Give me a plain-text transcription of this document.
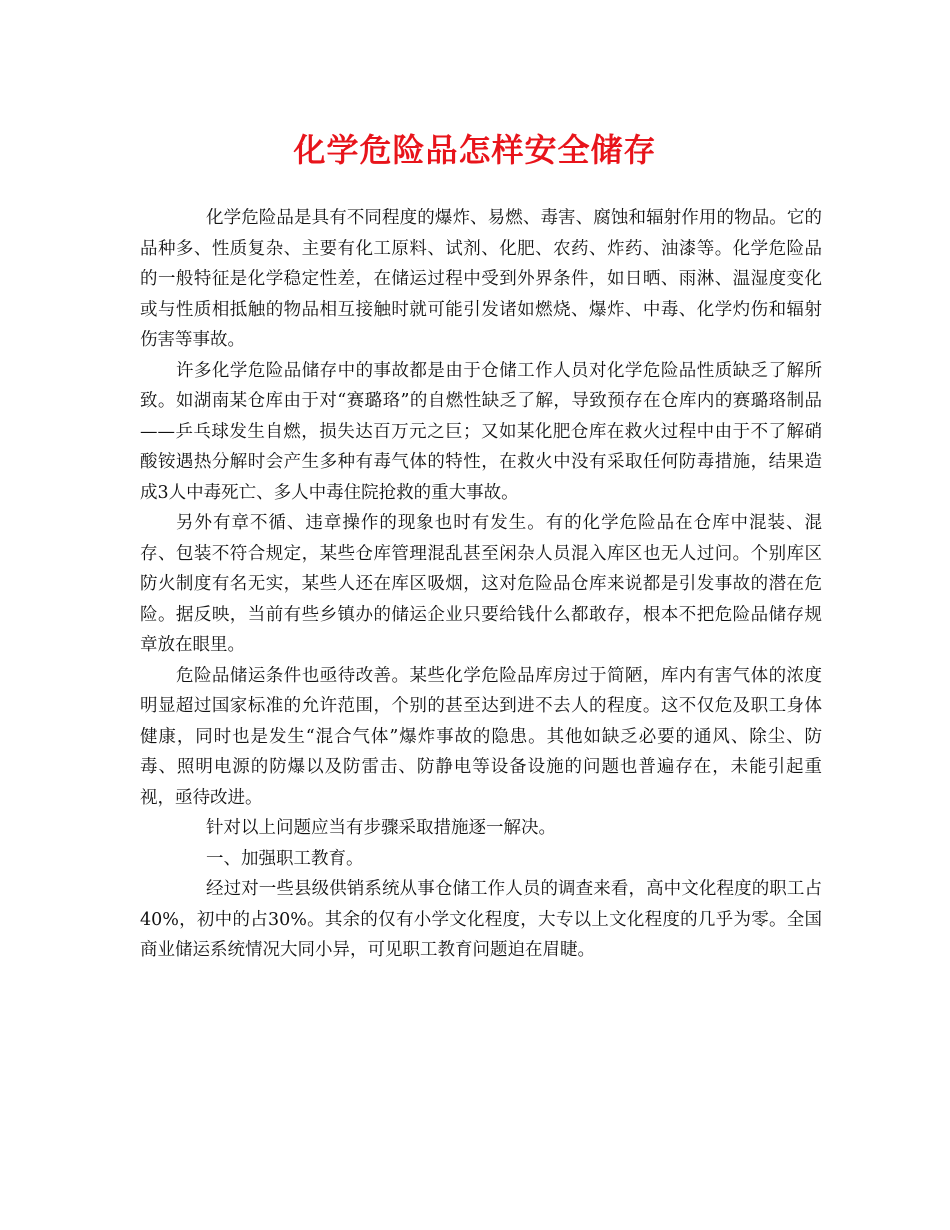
化学危险品怎样安全储存

化学危险品是具有不同程度的爆炸、易燃、毒害、腐蚀和辐射作用的物品。它的品种多、性质复杂、主要有化工原料、试剂、化肥、农药、炸药、油漆等。化学危险品的一般特征是化学稳定性差，在储运过程中受到外界条件，如日晒、雨淋、温湿度变化或与性质相抵触的物品相互接触时就可能引发诸如燃烧、爆炸、中毒、化学灼伤和辐射伤害等事故。

许多化学危险品储存中的事故都是由于仓储工作人员对化学危险品性质缺乏了解所致。如湖南某仓库由于对“赛璐珞”的自燃性缺乏了解，导致预存在仓库内的赛璐珞制品——乒乓球发生自燃，损失达百万元之巨；又如某化肥仓库在救火过程中由于不了解硝酸铵遇热分解时会产生多种有毒气体的特性，在救火中没有采取任何防毒措施，结果造成3人中毒死亡、多人中毒住院抢救的重大事故。

另外有章不循、违章操作的现象也时有发生。有的化学危险品在仓库中混装、混存、包装不符合规定，某些仓库管理混乱甚至闲杂人员混入库区也无人过问。个别库区防火制度有名无实，某些人还在库区吸烟，这对危险品仓库来说都是引发事故的潜在危险。据反映，当前有些乡镇办的储运企业只要给钱什么都敢存，根本不把危险品储存规章放在眼里。

危险品储运条件也亟待改善。某些化学危险品库房过于简陋，库内有害气体的浓度明显超过国家标准的允许范围，个别的甚至达到进不去人的程度。这不仅危及职工身体健康，同时也是发生“混合气体”爆炸事故的隐患。其他如缺乏必要的通风、除尘、防毒、照明电源的防爆以及防雷击、防静电等设备设施的问题也普遍存在，未能引起重视，亟待改进。

针对以上问题应当有步骤采取措施逐一解决。

一、加强职工教育。

经过对一些县级供销系统从事仓储工作人员的调查来看，高中文化程度的职工占40%，初中的占30%。其余的仅有小学文化程度，大专以上文化程度的几乎为零。全国商业储运系统情况大同小异，可见职工教育问题迫在眉睫。
